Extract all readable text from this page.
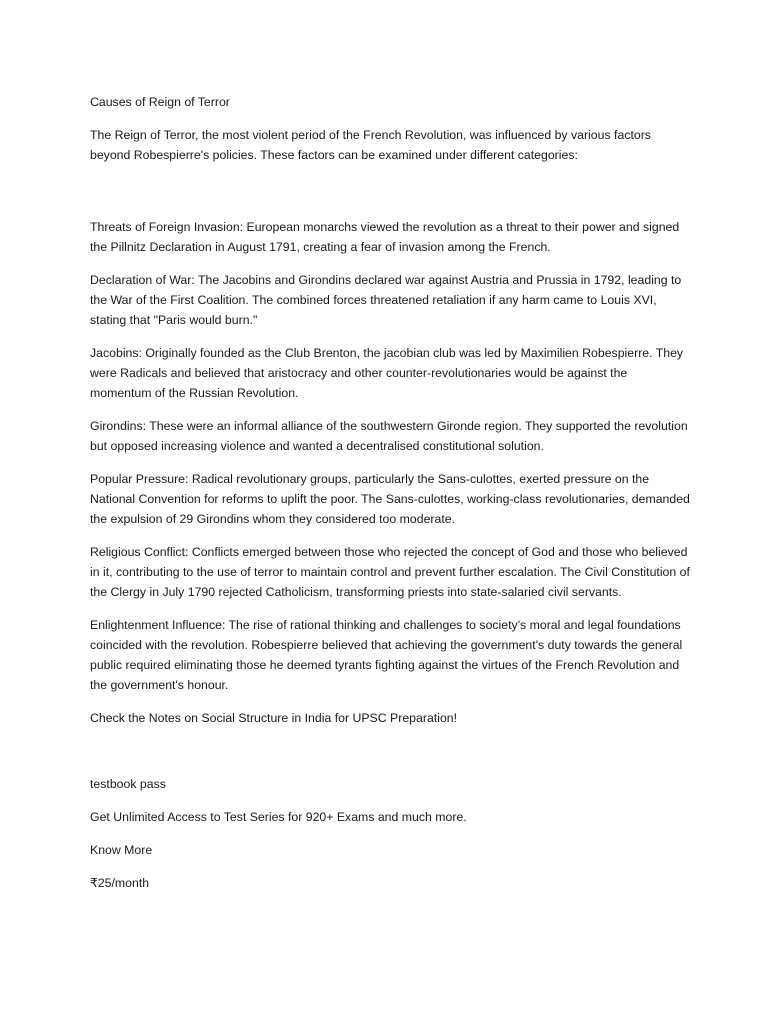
Causes of Reign of Terror

The Reign of Terror, the most violent period of the French Revolution, was influenced by various factors beyond Robespierre's policies. These factors can be examined under different categories:

Threats of Foreign Invasion: European monarchs viewed the revolution as a threat to their power and signed the Pillnitz Declaration in August 1791, creating a fear of invasion among the French.

Declaration of War: The Jacobins and Girondins declared war against Austria and Prussia in 1792, leading to the War of the First Coalition. The combined forces threatened retaliation if any harm came to Louis XVI, stating that "Paris would burn."

Jacobins: Originally founded as the Club Brenton, the jacobian club was led by Maximilien Robespierre. They were Radicals and believed that aristocracy and other counter-revolutionaries would be against the momentum of the Russian Revolution.

Girondins: These were an informal alliance of the southwestern Gironde region. They supported the revolution but opposed increasing violence and wanted a decentralised constitutional solution.

Popular Pressure: Radical revolutionary groups, particularly the Sans-culottes, exerted pressure on the National Convention for reforms to uplift the poor. The Sans-culottes, working-class revolutionaries, demanded the expulsion of 29 Girondins whom they considered too moderate.

Religious Conflict: Conflicts emerged between those who rejected the concept of God and those who believed in it, contributing to the use of terror to maintain control and prevent further escalation. The Civil Constitution of the Clergy in July 1790 rejected Catholicism, transforming priests into state-salaried civil servants.

Enlightenment Influence: The rise of rational thinking and challenges to society's moral and legal foundations coincided with the revolution. Robespierre believed that achieving the government's duty towards the general public required eliminating those he deemed tyrants fighting against the virtues of the French Revolution and the government's honour.

Check the Notes on Social Structure in India for UPSC Preparation!

testbook pass

Get Unlimited Access to Test Series for 920+ Exams and much more.

Know More

₹25/month
